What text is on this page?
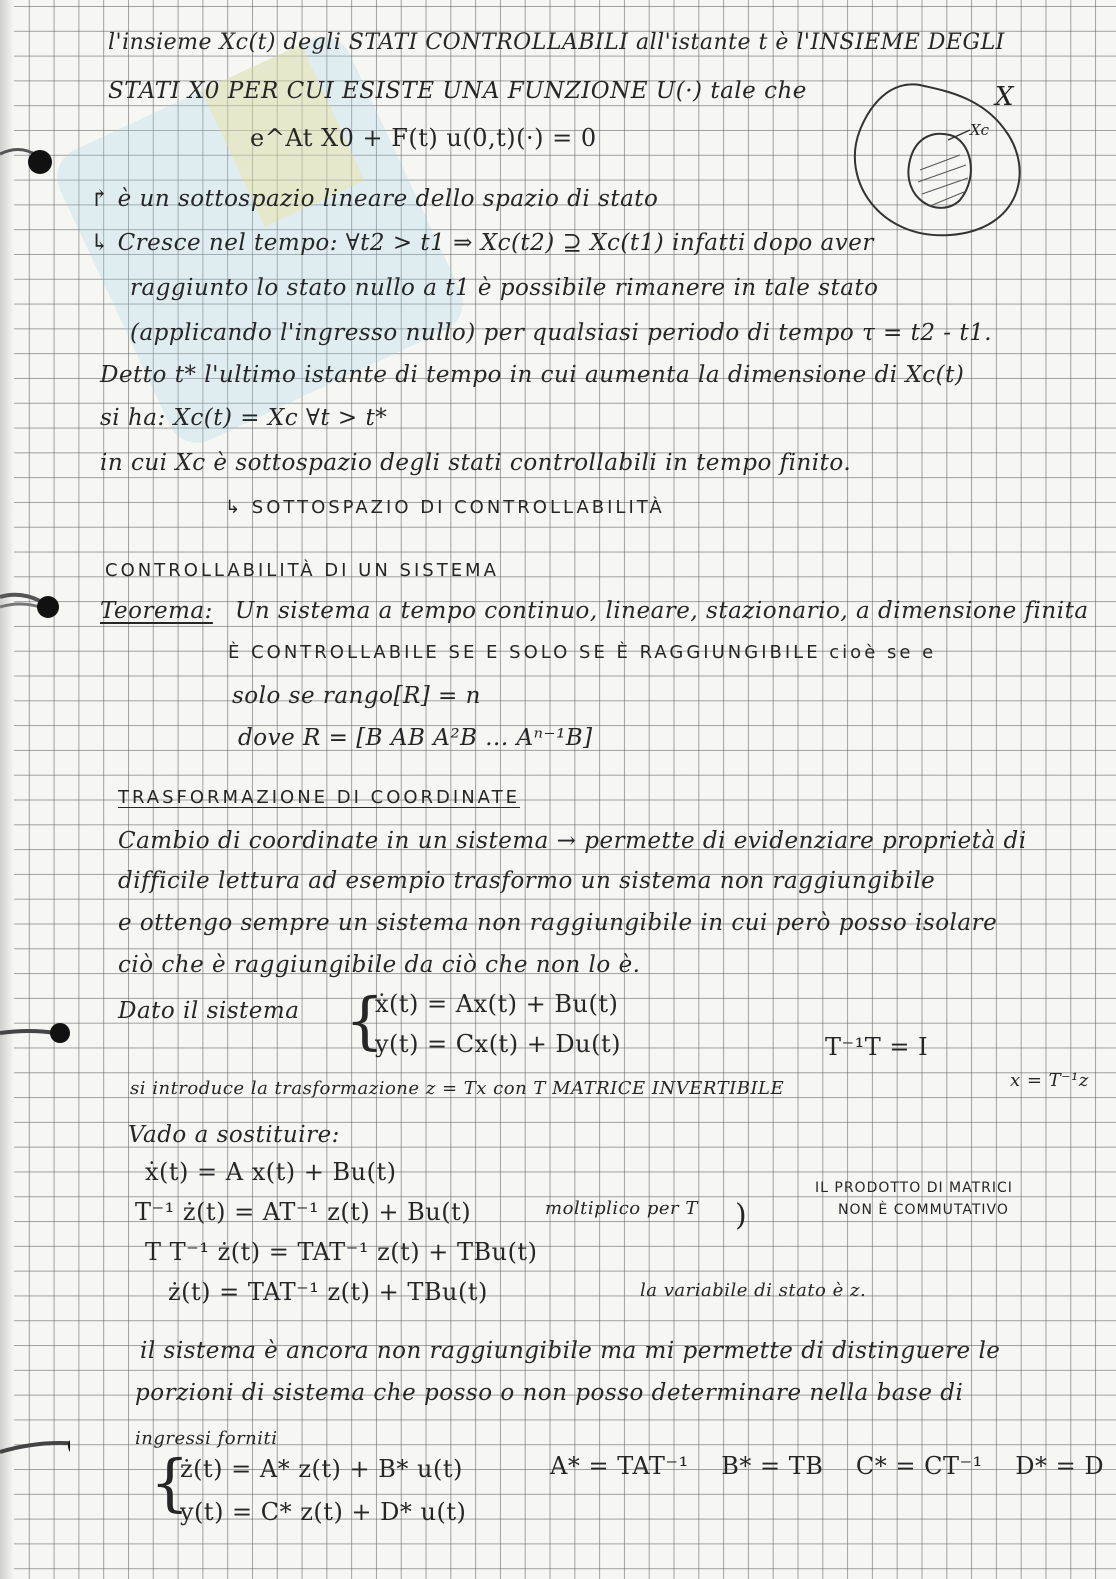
X
Xc
l'insieme Xc(t) degli STATI CONTROLLABILI all'istante t è l'INSIEME DEGLI
STATI X0 PER CUI ESISTE UNA FUNZIONE U(·) tale che
e^At X0 + F(t) u(0,t)(·) = 0
↱ è un sottospazio lineare dello spazio di stato
↳ Cresce nel tempo: ∀t2 > t1 ⇒ Xc(t2) ⊇ Xc(t1) infatti dopo aver
raggiunto lo stato nullo a t1 è possibile rimanere in tale stato
(applicando l'ingresso nullo) per qualsiasi periodo di tempo τ = t2 - t1.
Detto t* l'ultimo istante di tempo in cui aumenta la dimensione di Xc(t)
si ha: Xc(t) = Xc ∀t > t*
in cui Xc è sottospazio degli stati controllabili in tempo finito.
↳ SOTTOSPAZIO DI CONTROLLABILITÀ
CONTROLLABILITÀ DI UN SISTEMA
Teorema: Un sistema a tempo continuo, lineare, stazionario, a dimensione finita
È CONTROLLABILE SE E SOLO SE È RAGGIUNGIBILE cioè se e
solo se rango[R] = n
dove R = [B AB A²B ... Aⁿ⁻¹B]
TRASFORMAZIONE DI COORDINATE
Cambio di coordinate in un sistema → permette di evidenziare proprietà di
difficile lettura ad esempio trasformo un sistema non raggiungibile
e ottengo sempre un sistema non raggiungibile in cui però posso isolare
ciò che è raggiungibile da ciò che non lo è.
Dato il sistema {
ẋ(t) = Ax(t) + Bu(t)
y(t) = Cx(t) + Du(t)	T⁻¹T = I
si introduce la trasformazione z = Tx con T MATRICE INVERTIBILE	x = T⁻¹z
Vado a sostituire:
ẋ(t) = A x(t) + Bu(t)
T⁻¹ ż(t) = AT⁻¹ z(t) + Bu(t)	moltiplico per T )
IL PRODOTTO DI MATRICI
NON È COMMUTATIVO
T T⁻¹ ż(t) = TAT⁻¹ z(t) + TBu(t)
ż(t) = TAT⁻¹ z(t) + TBu(t)	la variabile di stato è z.
il sistema è ancora non raggiungibile ma mi permette di distinguere le
porzioni di sistema che posso o non posso determinare nella base di
ingressi forniti
{
ż(t) = A* z(t) + B* u(t)
y(t) = C* z(t) + D* u(t)
A* = TAT⁻¹    B* = TB    C* = CT⁻¹    D* = D
